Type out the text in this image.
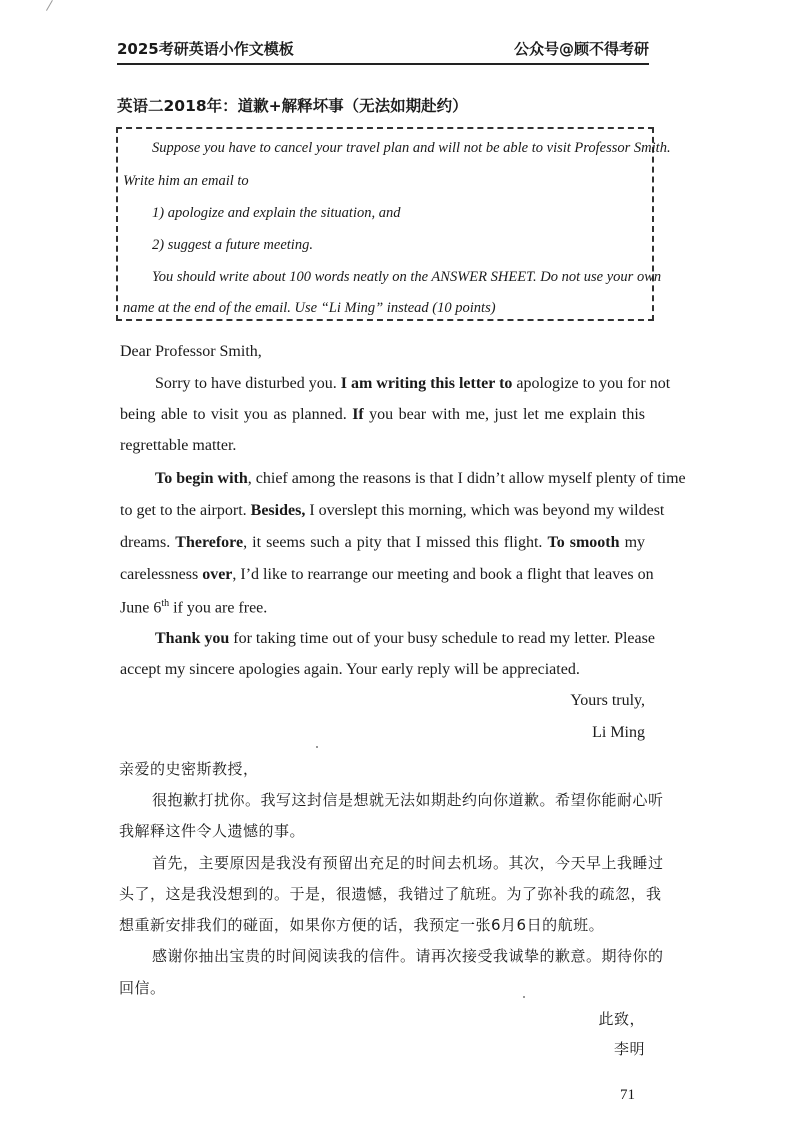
2025考研英语小作文模板	公众号@顾不得考研
英语二2018年：道歉+解释坏事（无法如期赴约）
Suppose you have to cancel your travel plan and will not be able to visit Professor Smith.
Write him an email to
1) apologize and explain the situation, and
2) suggest a future meeting.
You should write about 100 words neatly on the ANSWER SHEET. Do not use your own
name at the end of the email. Use “Li Ming” instead (10 points)
Dear Professor Smith,
Sorry to have disturbed you. I am writing this letter to apologize to you for not
being able to visit you as planned. If you bear with me, just let me explain this
regrettable matter.
To begin with, chief among the reasons is that I didn’t allow myself plenty of time
to get to the airport. Besides, I overslept this morning, which was beyond my wildest
dreams. Therefore, it seems such a pity that I missed this flight. To smooth my
carelessness over, I’d like to rearrange our meeting and book a flight that leaves on
June 6th if you are free.
Thank you for taking time out of your busy schedule to read my letter. Please
accept my sincere apologies again. Your early reply will be appreciated.
Yours truly,
Li Ming
亲爱的史密斯教授，
很抱歉打扰你。我写这封信是想就无法如期赴约向你道歉。希望你能耐心听
我解释这件令人遗憾的事。
首先，主要原因是我没有预留出充足的时间去机场。其次，今天早上我睡过
头了，这是我没想到的。于是，很遗憾，我错过了航班。为了弥补我的疏忽，我
想重新安排我们的碰面，如果你方便的话，我预定一张6月6日的航班。
感谢你抽出宝贵的时间阅读我的信件。请再次接受我诚挚的歉意。期待你的
回信。
此致，
李明
71
